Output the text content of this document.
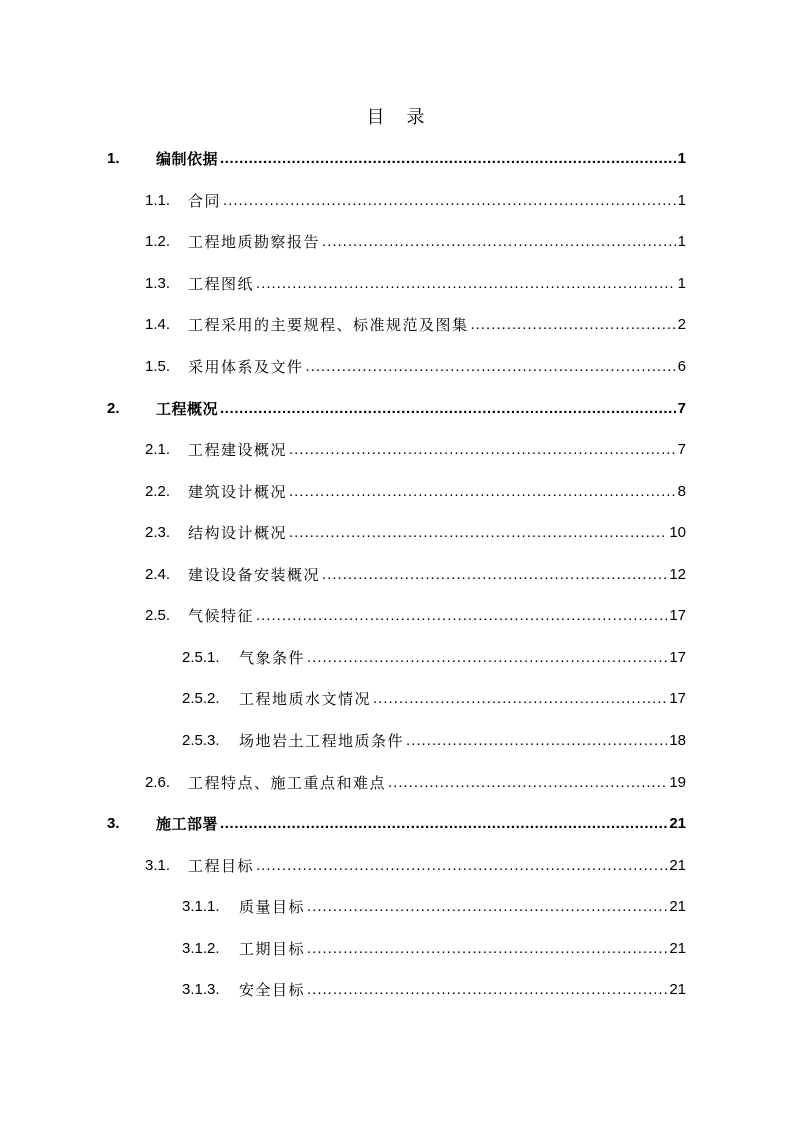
目　录
1.	编制依据 .....	1
1.1.	合同 .....	1
1.2.	工程地质勘察报告 .....	1
1.3.	工程图纸 .....	1
1.4.	工程采用的主要规程、标准规范及图集 .....	2
1.5.	采用体系及文件 .....	6
2.	工程概况 .....	7
2.1.	工程建设概况 .....	7
2.2.	建筑设计概况 .....	8
2.3.	结构设计概况 .....	10
2.4.	建设设备安装概况 .....	12
2.5.	气候特征 .....	17
2.5.1.	气象条件 .....	17
2.5.2.	工程地质水文情况 .....	17
2.5.3.	场地岩土工程地质条件 .....	18
2.6.	工程特点、施工重点和难点 .....	19
3.	施工部署 .....	21
3.1.	工程目标 .....	21
3.1.1.	质量目标 .....	21
3.1.2.	工期目标 .....	21
3.1.3.	安全目标 .....	21
